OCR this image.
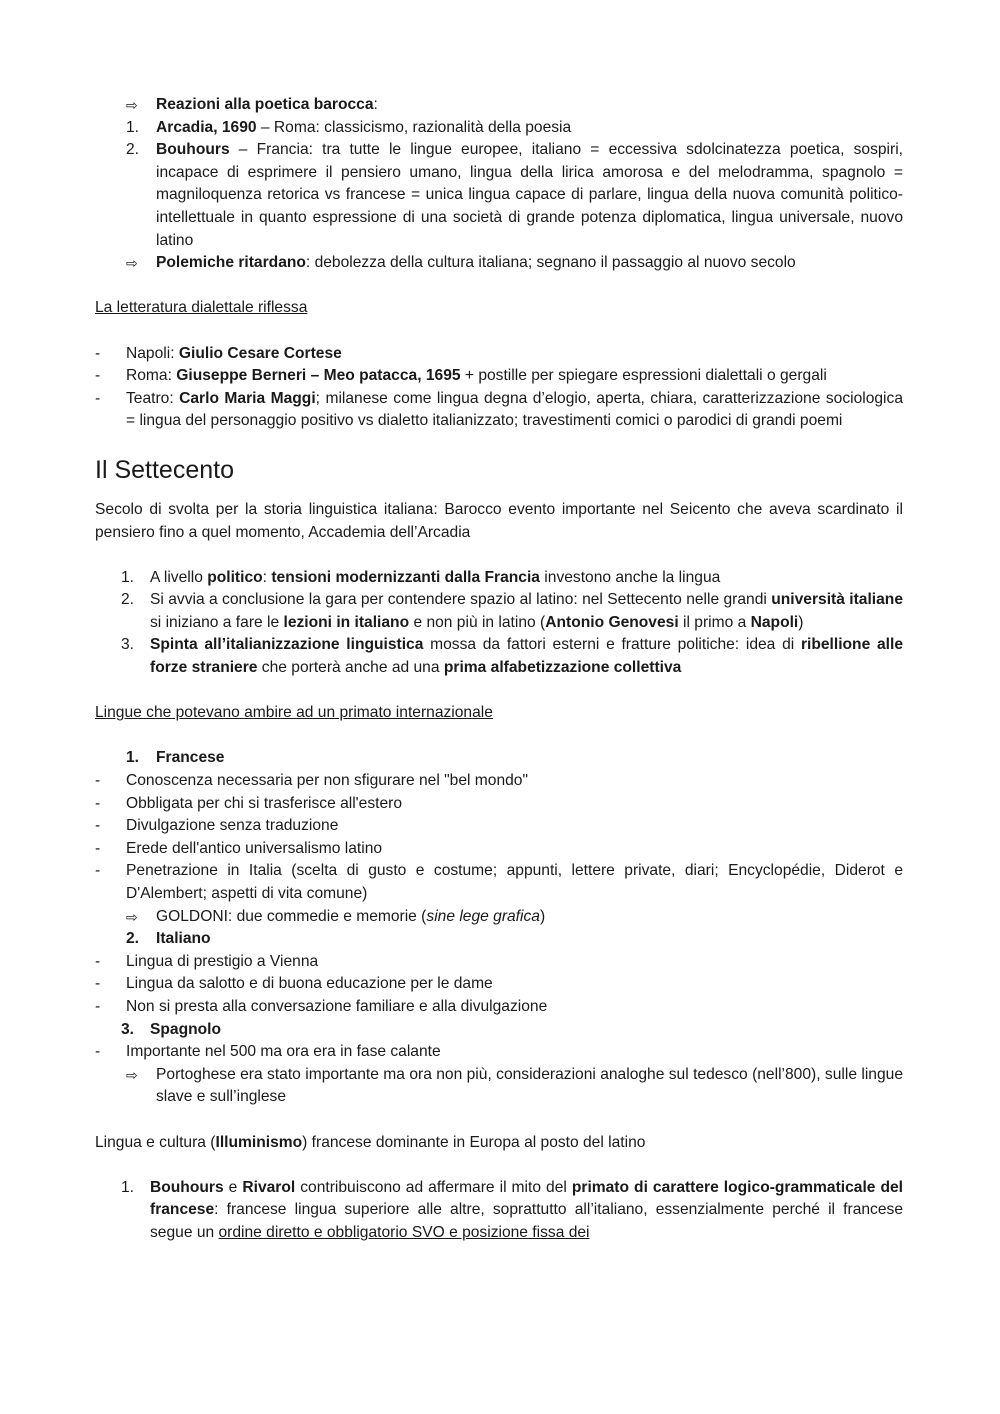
⇨ Reazioni alla poetica barocca:
1. Arcadia, 1690 – Roma: classicismo, razionalità della poesia
2. Bouhours – Francia: tra tutte le lingue europee, italiano = eccessiva sdolcinatezza poetica, sospiri, incapace di esprimere il pensiero umano, lingua della lirica amorosa e del melodramma, spagnolo = magniloquenza retorica vs francese = unica lingua capace di parlare, lingua della nuova comunità politico-intellettuale in quanto espressione di una società di grande potenza diplomatica, lingua universale, nuovo latino
⇨ Polemiche ritardano: debolezza della cultura italiana; segnano il passaggio al nuovo secolo
La letteratura dialettale riflessa
- Napoli: Giulio Cesare Cortese
- Roma: Giuseppe Berneri – Meo patacca, 1695 + postille per spiegare espressioni dialettali o gergali
- Teatro: Carlo Maria Maggi; milanese come lingua degna d’elogio, aperta, chiara, caratterizzazione sociologica = lingua del personaggio positivo vs dialetto italianizzato; travestimenti comici o parodici di grandi poemi
Il Settecento
Secolo di svolta per la storia linguistica italiana: Barocco evento importante nel Seicento che aveva scardinato il pensiero fino a quel momento, Accademia dell’Arcadia
1. A livello politico: tensioni modernizzanti dalla Francia investono anche la lingua
2. Si avvia a conclusione la gara per contendere spazio al latino: nel Settecento nelle grandi università italiane si iniziano a fare le lezioni in italiano e non più in latino (Antonio Genovesi il primo a Napoli)
3. Spinta all’italianizzazione linguistica mossa da fattori esterni e fratture politiche: idea di ribellione alle forze straniere che porterà anche ad una prima alfabetizzazione collettiva
Lingue che potevano ambire ad un primato internazionale
1. Francese
- Conoscenza necessaria per non sfigurare nel "bel mondo"
- Obbligata per chi si trasferisce all'estero
- Divulgazione senza traduzione
- Erede dell'antico universalismo latino
- Penetrazione in Italia (scelta di gusto e costume; appunti, lettere private, diari; Encyclopédie, Diderot e D'Alembert; aspetti di vita comune)
⇨ GOLDONI: due commedie e memorie (sine lege grafica)
2. Italiano
- Lingua di prestigio a Vienna
- Lingua da salotto e di buona educazione per le dame
- Non si presta alla conversazione familiare e alla divulgazione
3. Spagnolo
- Importante nel 500 ma ora era in fase calante
⇨ Portoghese era stato importante ma ora non più, considerazioni analoghe sul tedesco (nell’800), sulle lingue slave e sull’inglese
Lingua e cultura (Illuminismo) francese dominante in Europa al posto del latino
1. Bouhours e Rivarol contribuiscono ad affermare il mito del primato di carattere logico-grammaticale del francese: francese lingua superiore alle altre, soprattutto all’italiano, essenzialmente perché il francese segue un ordine diretto e obbligatorio SVO e posizione fissa dei
